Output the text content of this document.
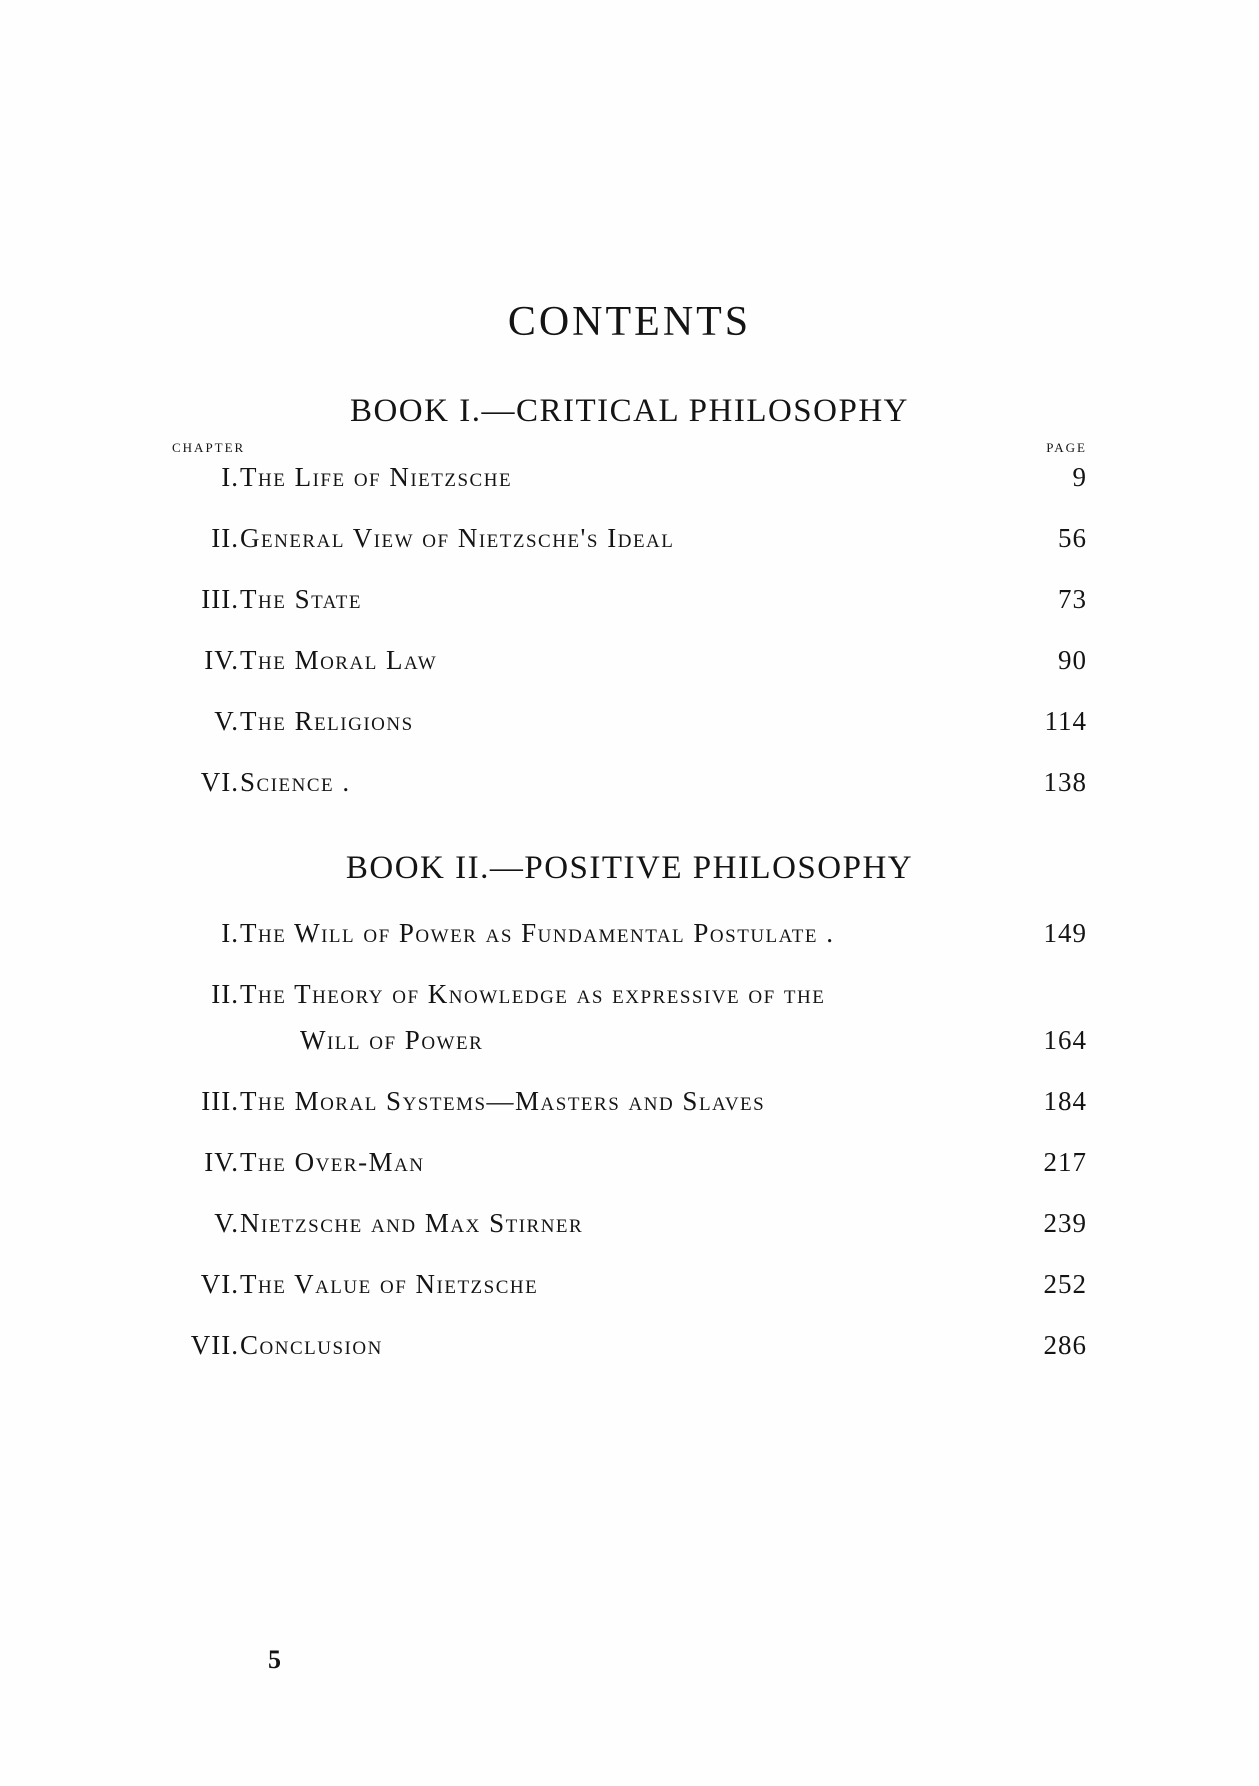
CONTENTS
BOOK I.—CRITICAL PHILOSOPHY
CHAPTER	PAGE
I. The Life of Nietzsche	9
II. General View of Nietzsche's Ideal	56
III. The State	73
IV. The Moral Law	90
V. The Religions	114
VI. Science .	138
BOOK II.—POSITIVE PHILOSOPHY
I. The Will of Power as Fundamental Postulate .	149
II. The Theory of Knowledge as expressive of the
Will of Power	164
III. The Moral Systems—Masters and Slaves	184
IV. The Over-Man	217
V. Nietzsche and Max Stirner	239
VI. The Value of Nietzsche	252
VII. Conclusion	286
5
